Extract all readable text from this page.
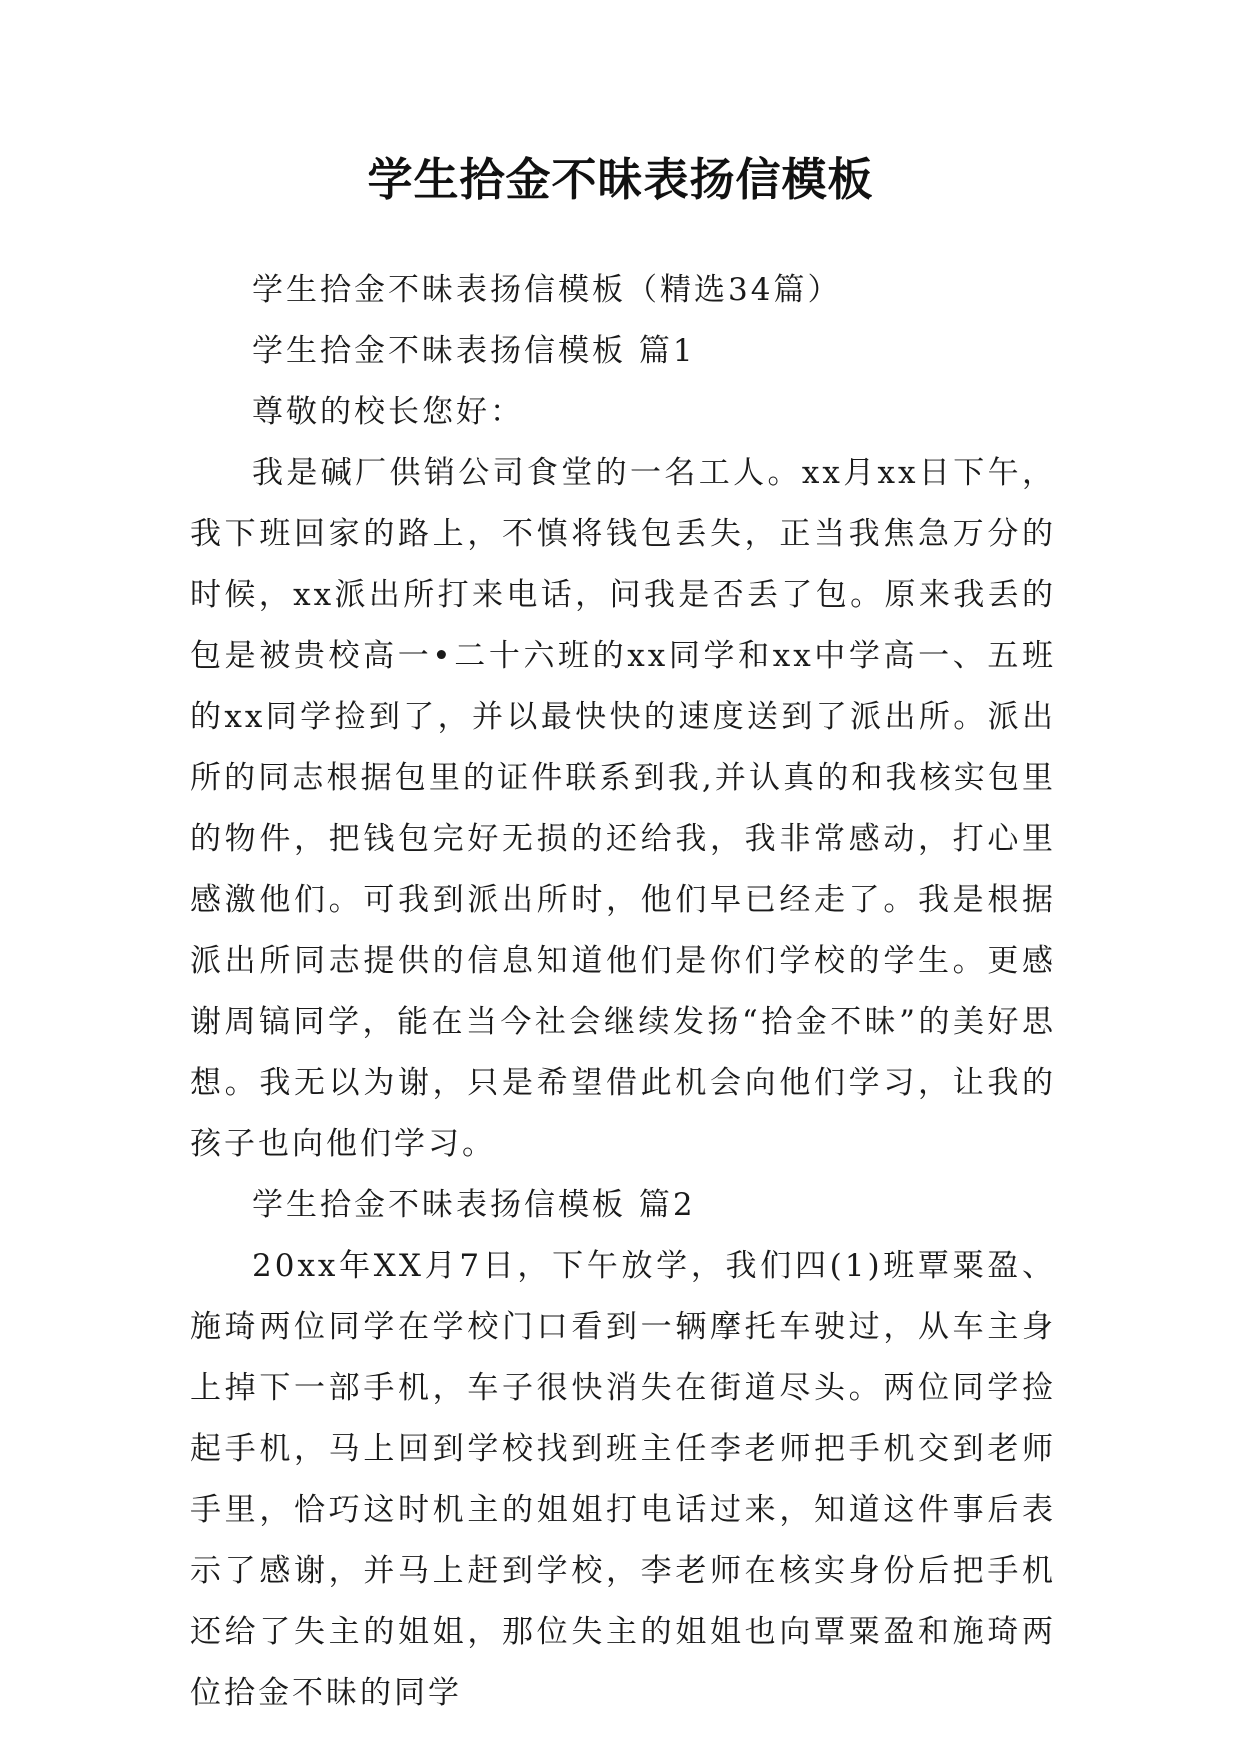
学生拾金不昧表扬信模板

学生拾金不昧表扬信模板（精选34篇）

学生拾金不昧表扬信模板 篇1

尊敬的校长您好：

我是碱厂供销公司食堂的一名工人。xx月xx日下午，我下班回家的路上，不慎将钱包丢失，正当我焦急万分的时候，xx派出所打来电话，问我是否丢了包。原来我丢的包是被贵校高一•二十六班的xx同学和xx中学高一、五班的xx同学捡到了，并以最快快的速度送到了派出所。派出所的同志根据包里的证件联系到我,并认真的和我核实包里的物件，把钱包完好无损的还给我，我非常感动，打心里感激他们。可我到派出所时，他们早已经走了。我是根据派出所同志提供的信息知道他们是你们学校的学生。更感谢周镐同学，能在当今社会继续发扬“拾金不昧”的美好思想。我无以为谢，只是希望借此机会向他们学习，让我的孩子也向他们学习。

学生拾金不昧表扬信模板 篇2

20xx年XX月7日，下午放学，我们四(1)班覃粟盈、施琦两位同学在学校门口看到一辆摩托车驶过，从车主身上掉下一部手机，车子很快消失在街道尽头。两位同学捡起手机，马上回到学校找到班主任李老师把手机交到老师手里，恰巧这时机主的姐姐打电话过来，知道这件事后表示了感谢，并马上赶到学校，李老师在核实身份后把手机还给了失主的姐姐，那位失主的姐姐也向覃粟盈和施琦两位拾金不昧的同学
